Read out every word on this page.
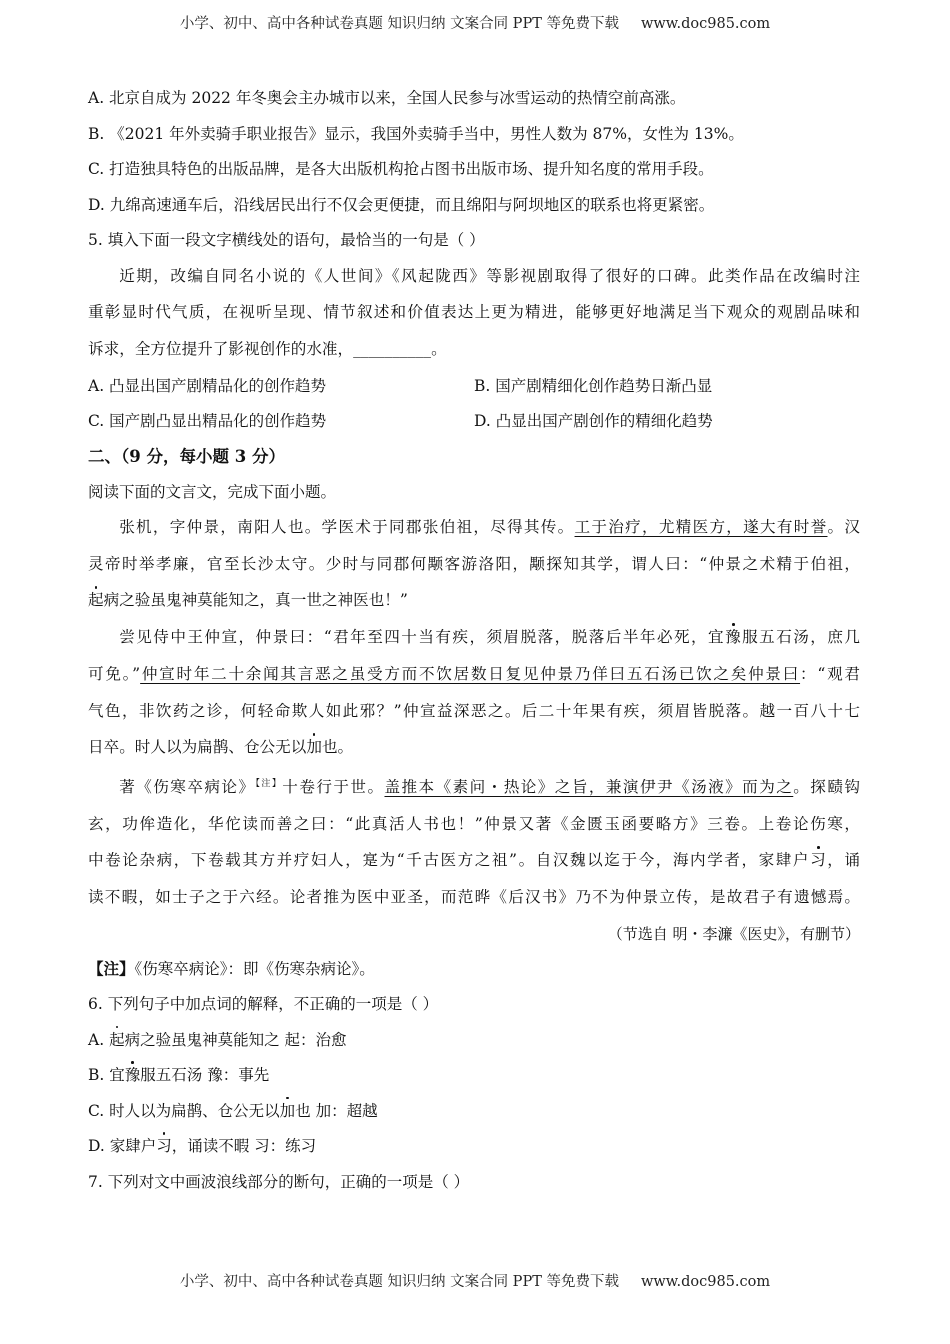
小学、初中、高中各种试卷真题 知识归纳 文案合同 PPT 等免费下载 www.doc985.com

A. 北京自成为 2022 年冬奥会主办城市以来，全国人民参与冰雪运动的热情空前高涨。

B. 《2021 年外卖骑手职业报告》显示，我国外卖骑手当中，男性人数为 87%，女性为 13%。

C. 打造独具特色的出版品牌，是各大出版机构抢占图书出版市场、提升知名度的常用手段。

D. 九绵高速通车后，沿线居民出行不仅会更便捷，而且绵阳与阿坝地区的联系也将更紧密。

5. 填入下面一段文字横线处的语句，最恰当的一句是（ ）

近期，改编自同名小说的《人世间》《风起陇西》等影视剧取得了很好的口碑。此类作品在改编时注
重彰显时代气质，在视听呈现、情节叙述和价值表达上更为精进，能够更好地满足当下观众的观剧品味和
诉求，全方位提升了影视创作的水准，__________。
A. 凸显出国产剧精品化的创作趋势	B. 国产剧精细化创作趋势日渐凸显
C. 国产剧凸显出精品化的创作趋势	D. 凸显出国产剧创作的精细化趋势
二、（9 分，每小题 3 分）

阅读下面的文言文，完成下面小题。

张机，字仲景，南阳人也。学医术于同郡张伯祖，尽得其传。工于治疗，尤精医方，遂大有时誉。汉
灵帝时举孝廉，官至长沙太守。少时与同郡何颙客游洛阳，颙探知其学，谓人曰：“仲景之术精于伯祖，
起病之验虽鬼神莫能知之，真一世之神医也！”
尝见侍中王仲宣，仲景曰：“君年至四十当有疾，须眉脱落，脱落后半年必死，宜豫服五石汤，庶几
可免。”仲宣时年二十余闻其言恶之虽受方而不饮居数日复见仲景乃佯曰五石汤已饮之矣仲景曰：“观君
气色，非饮药之诊，何轻命欺人如此邪？”仲宣益深恶之。后二十年果有疾，须眉皆脱落。越一百八十七
日卒。时人以为扁鹊、仓公无以加也。
著《伤寒卒病论》$^{【注】}$十卷行于世。盖推本《素问・热论》之旨，兼演伊尹《汤液》而为之。探赜钩
玄，功侔造化，华佗读而善之曰：“此真活人书也！”仲景又著《金匮玉函要略方》三卷。上卷论伤寒，
中卷论杂病，下卷载其方并疗妇人，寔为“千古医方之祖”。自汉魏以迄于今，海内学者，家肆户习，诵
读不暇，如士子之于六经。论者推为医中亚圣，而范晔《后汉书》乃不为仲景立传，是故君子有遗憾焉。
（节选自 明・李濂《医史》，有删节）
【注】《伤寒卒病论》：即《伤寒杂病论》。

6. 下列句子中加点词的解释，不正确的一项是（ ）

A. 起病之验虽鬼神莫能知之 起：治愈

B. 宜豫服五石汤 豫：事先

C. 时人以为扁鹊、仓公无以加也 加：超越

D. 家肆户习，诵读不暇 习：练习

7. 下列对文中画波浪线部分的断句，正确的一项是（ ）

小学、初中、高中各种试卷真题 知识归纳 文案合同 PPT 等免费下载 www.doc985.com
